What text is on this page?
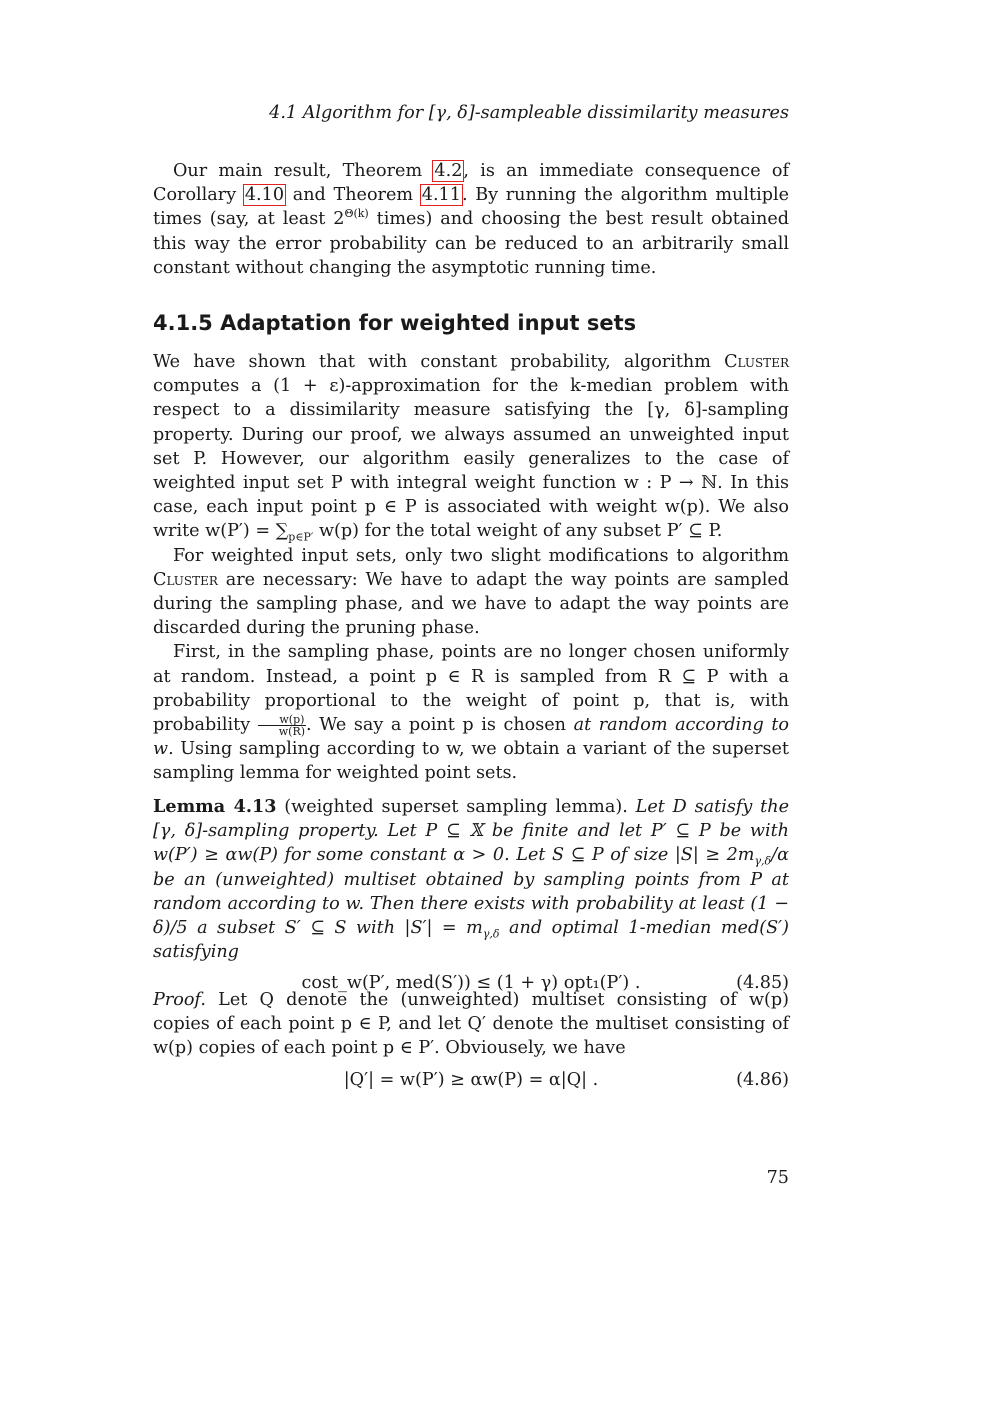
4.1 Algorithm for [γ, δ]-sampleable dissimilarity measures

Our main result, Theorem 4.2, is an immediate consequence of Corollary 4.10 and Theorem 4.11. By running the algorithm multiple times (say, at least $2^{\Theta(k)}$ times) and choosing the best result obtained this way the error probability can be reduced to an arbitrarily small constant without changing the asymptotic running time.

4.1.5 Adaptation for weighted input sets

We have shown that with constant probability, algorithm Cluster computes a (1 + ε)-approximation for the k-median problem with respect to a dissimilarity measure satisfying the [γ, δ]-sampling property. During our proof, we always assumed an unweighted input set P. However, our algorithm easily generalizes to the case of weighted input set P with integral weight function w : P → ℕ. In this case, each input point p ∈ P is associated with weight w(p). We also write $w(P') = \sum_{p\in P'}$ w(p) for the total weight of any subset P′ ⊆ P.

For weighted input sets, only two slight modifications to algorithm Cluster are necessary: We have to adapt the way points are sampled during the sampling phase, and we have to adapt the way points are discarded during the pruning phase.

First, in the sampling phase, points are no longer chosen uniformly at random. Instead, a point p ∈ R is sampled from R ⊆ P with a probability proportional to the weight of point p, that is, with probability $\frac{w(p)}{w(R)}$ . We say a point p is chosen at random according to w. Using sampling according to w, we obtain a variant of the superset sampling lemma for weighted point sets.

Lemma 4.13 (weighted superset sampling lemma). Let D satisfy the [γ, δ]-sampling property. Let P ⊆ 𝕏 be finite and let P′ ⊆ P be with w(P′) ≥ αw(P) for some constant α > 0. Let S ⊆ P of size $|S| \ge 2m_{\gamma,\delta}/\alpha$ be an (unweighted) multiset obtained by sampling points from P at random according to w. Then there exists with probability at least (1 − δ)/5 a subset S′ ⊆ S with $|S'| = m_{\gamma,\delta}$ and optimal 1-median med(S′) satisfying

cost_w(P′, med(S′)) ≤ (1 + γ) opt₁(P′) .	(4.85)

Proof. Let Q denote the (unweighted) multiset consisting of w(p) copies of each point p ∈ P, and let Q′ denote the multiset consisting of w(p) copies of each point p ∈ P′. Obviousely, we have

|Q′| = w(P′) ≥ αw(P) = α|Q| .	(4.86)
75
